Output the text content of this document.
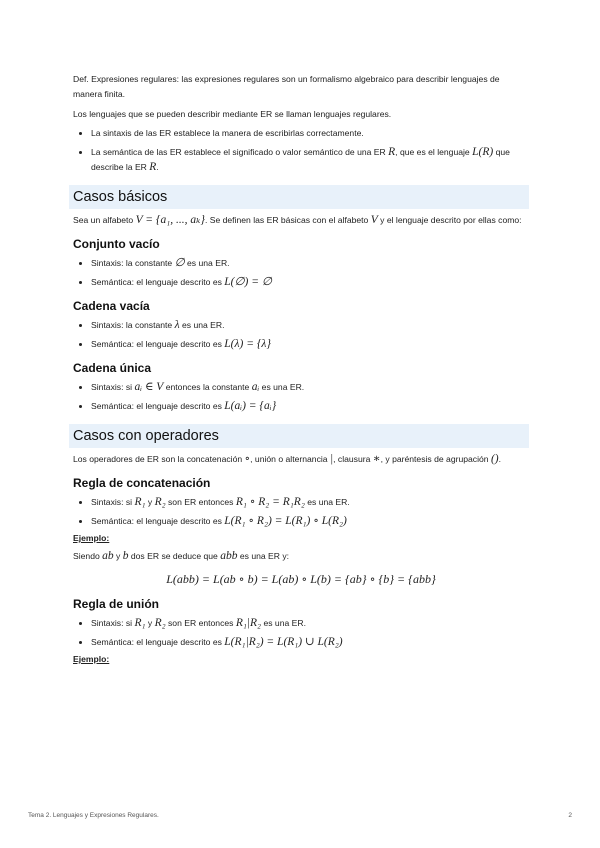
Def. Expresiones regulares: las expresiones regulares son un formalismo algebraico para describir lenguajes de manera finita.

Los lenguajes que se pueden describir mediante ER se llaman lenguajes regulares.

• La sintaxis de las ER establece la manera de escribirlas correctamente.
• La semántica de las ER establece el significado o valor semántico de una ER R, que es el lenguaje L(R) que describe la ER R.
Casos básicos

Sea un alfabeto V = {a₁, ..., aₖ}. Se definen las ER básicas con el alfabeto V y el lenguaje descrito por ellas como:

Conjunto vacío
• Sintaxis: la constante ∅ es una ER.
• Semántica: el lenguaje descrito es L(∅) = ∅
Cadena vacía
• Sintaxis: la constante λ es una ER.
• Semántica: el lenguaje descrito es L(λ) = {λ}
Cadena única
• Sintaxis: si aᵢ ∈ V entonces la constante aᵢ es una ER.
• Semántica: el lenguaje descrito es L(aᵢ) = {aᵢ}
Casos con operadores

Los operadores de ER son la concatenación ∘, unión o alternancia |, clausura ∗, y paréntesis de agrupación ().

Regla de concatenación
• Sintaxis: si R₁ y R₂ son ER entonces R₁ ∘ R₂ = R₁R₂ es una ER.
• Semántica: el lenguaje descrito es L(R₁ ∘ R₂) = L(R₁) ∘ L(R₂)
Ejemplo:

Siendo ab y b dos ER se deduce que abb es una ER y:

L(abb) = L(ab ∘ b) = L(ab) ∘ L(b) = {ab} ∘ {b} = {abb}
Regla de unión
• Sintaxis: si R₁ y R₂ son ER entonces R₁|R₂ es una ER.
• Semántica: el lenguaje descrito es L(R₁|R₂) = L(R₁) ∪ L(R₂)
Ejemplo:
Tema 2. Lenguajes y Expresiones Regulares.	2
